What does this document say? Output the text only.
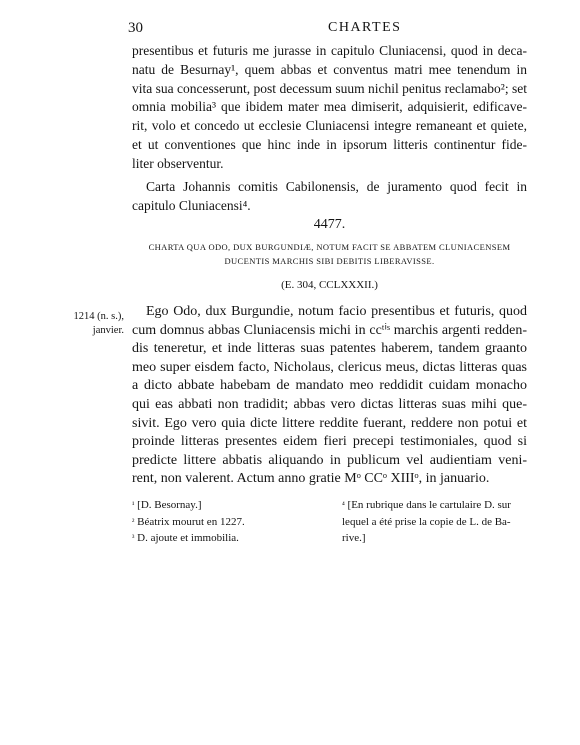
30	CHARTES
presentibus et futuris me jurasse in capitulo Cluniacensi, quod in deca-
natu de Besurnay¹, quem abbas et conventus matri mee tenendum in
vita sua concesserunt, post decessum suum nichil penitus reclamabo²; set
omnia mobilia³ que ibidem mater mea dimiserit, adquisierit, edificave-
rit, volo et concedo ut ecclesie Cluniacensi integre remaneant et quiete,
et ut conventiones que hinc inde in ipsorum litteris continentur fide-
liter observentur.
Carta Johannis comitis Cabilonensis, de juramento quod fecit in
capitulo Cluniacensi⁴.
4477.
CHARTA QUA ODO, DUX BURGUNDIÆ, NOTUM FACIT SE ABBATEM CLUNIACENSEM
DUCENTIS MARCHIS SIBI DEBITIS LIBERAVISSE.
(E. 304, CCLXXXII.)
1214 (n. s.),
janvier.
Ego Odo, dux Burgundie, notum facio presentibus et futuris, quod
cum domnus abbas Cluniacensis michi in ccᵗⁱˢ marchis argenti redden-
dis teneretur, et inde litteras suas patentes haberem, tandem graanto
meo super eisdem facto, Nicholaus, clericus meus, dictas litteras quas
a dicto abbate habebam de mandato meo reddidit cuidam monacho
qui eas abbati non tradidit; abbas vero dictas litteras suas mihi que-
sivit. Ego vero quia dicte littere reddite fuerant, reddere non potui et
proinde litteras presentes eidem fieri precepi testimoniales, quod si
predicte littere abbatis aliquando in publicum vel audientiam veni-
rent, non valerent. Actum anno gratie Mᵒ CCᵒ XIIIᵒ, in januario.
$^{^1}$ [D. Besornay.]
$^{^2}$ Béatrix mourut en 1227.
$^{^3}$ D. ajoute et immobilia.
$^{^4}$ [En rubrique dans le cartulaire D. sur
lequel a été prise la copie de L. de Ba-
rive.]
